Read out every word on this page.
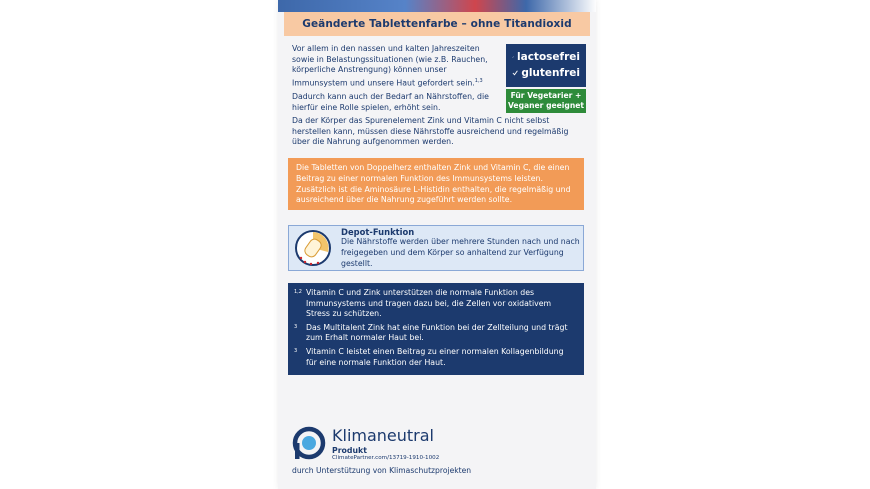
Geänderte Tablettenfarbe – ohne Titandioxid

Vor allem in den nassen und kalten Jahreszeiten sowie in Belastungssituationen (wie z.B. Rauchen, körperliche Anstrengung) können unser Immunsystem und unsere Haut gefordert sein.$^{1,3}$

Dadurch kann auch der Bedarf an Nährstoffen, die hierfür eine Rolle spielen, erhöht sein.

Da der Körper das Spurenelement Zink und Vitamin C nicht selbst herstellen kann, müssen diese Nährstoffe ausreichend und regelmäßig über die Nahrung aufgenommen werden.
lactosefrei
glutenfrei
Für Vegetarier + Veganer geeignet
Die Tabletten von Doppelherz enthalten Zink und Vitamin C, die einen Beitrag zu einer normalen Funktion des Immunsystems leisten. Zusätzlich ist die Aminosäure L-Histidin enthalten, die regelmäßig und ausreichend über die Nahrung zugeführt werden sollte.
Depot-Funktion
Die Nährstoffe werden über mehrere Stunden nach und nach freigegeben und dem Körper so anhaltend zur Verfügung gestellt.
1,2 Vitamin C und Zink unterstützen die normale Funktion des Immunsystems und tragen dazu bei, die Zellen vor oxidativem Stress zu schützen.
3	Das Multitalent Zink hat eine Funktion bei der Zellteilung und trägt zum Erhalt normaler Haut bei.
3	Vitamin C leistet einen Beitrag zu einer normalen Kollagenbildung für eine normale Funktion der Haut.
Klimaneutral
Produkt
ClimatePartner.com/13719-1910-1002
durch Unterstützung von Klimaschutzprojekten
